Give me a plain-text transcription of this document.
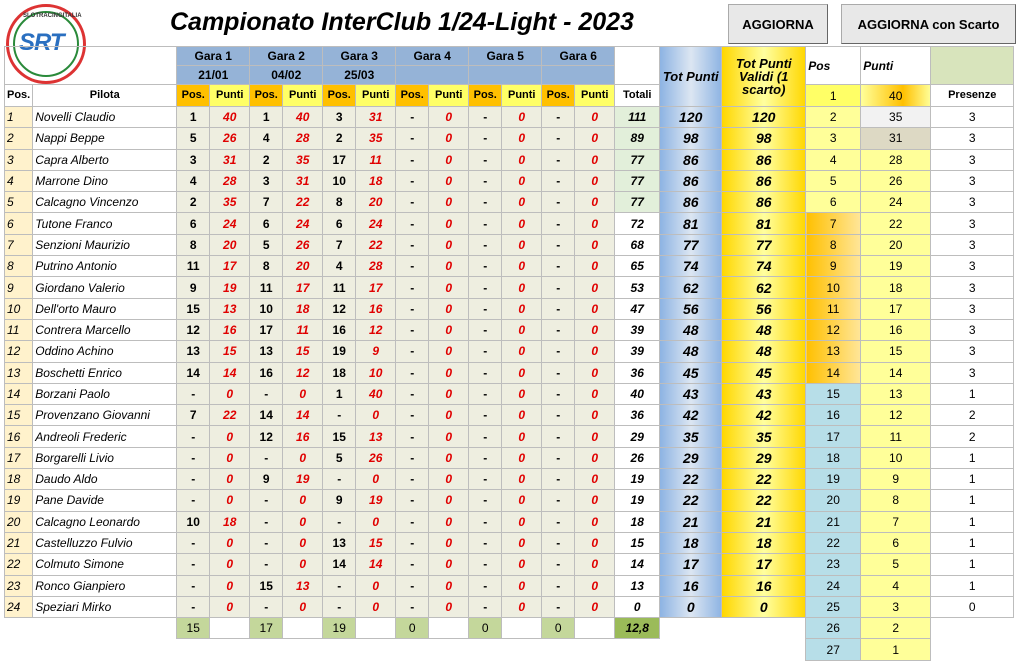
SLOTRACINGITALIA
SRT
Campionato InterClub 1/24-Light - 2023	AGGIORNA	AGGIORNA con Scarto
		Gara 1		Gara 2		Gara 3		Gara 4		Gara 5		Gara 6			Tot Punti	Tot Punti Validi (1 scarto)	Pos	Punti	
		21/01		04/02		25/03													
Pos.	Pilota	Pos.	Punti	Pos.	Punti	Pos.	Punti	Pos.	Punti	Pos.	Punti	Pos.	Punti	Totali			1	40	Presenze
1	Novelli Claudio	1	40	1	40	3	31	-	0	-	0	-	0	111	120	120	2	35	3
2	Nappi Beppe	5	26	4	28	2	35	-	0	-	0	-	0	89	98	98	3	31	3
3	Capra Alberto	3	31	2	35	17	11	-	0	-	0	-	0	77	86	86	4	28	3
4	Marrone Dino	4	28	3	31	10	18	-	0	-	0	-	0	77	86	86	5	26	3
5	Calcagno Vincenzo	2	35	7	22	8	20	-	0	-	0	-	0	77	86	86	6	24	3
6	Tutone Franco	6	24	6	24	6	24	-	0	-	0	-	0	72	81	81	7	22	3
7	Senzioni Maurizio	8	20	5	26	7	22	-	0	-	0	-	0	68	77	77	8	20	3
8	Putrino Antonio	11	17	8	20	4	28	-	0	-	0	-	0	65	74	74	9	19	3
9	Giordano Valerio	9	19	11	17	11	17	-	0	-	0	-	0	53	62	62	10	18	3
10	Dell'orto Mauro	15	13	10	18	12	16	-	0	-	0	-	0	47	56	56	11	17	3
11	Contrera Marcello	12	16	17	11	16	12	-	0	-	0	-	0	39	48	48	12	16	3
12	Oddino Achino	13	15	13	15	19	9	-	0	-	0	-	0	39	48	48	13	15	3
13	Boschetti Enrico	14	14	16	12	18	10	-	0	-	0	-	0	36	45	45	14	14	3
14	Borzani Paolo	-	0	-	0	1	40	-	0	-	0	-	0	40	43	43	15	13	1
15	Provenzano Giovanni	7	22	14	14	-	0	-	0	-	0	-	0	36	42	42	16	12	2
16	Andreoli Frederic	-	0	12	16	15	13	-	0	-	0	-	0	29	35	35	17	11	2
17	Borgarelli Livio	-	0	-	0	5	26	-	0	-	0	-	0	26	29	29	18	10	1
18	Daudo Aldo	-	0	9	19	-	0	-	0	-	0	-	0	19	22	22	19	9	1
19	Pane Davide	-	0	-	0	9	19	-	0	-	0	-	0	19	22	22	20	8	1
20	Calcagno Leonardo	10	18	-	0	-	0	-	0	-	0	-	0	18	21	21	21	7	1
21	Castelluzzo Fulvio	-	0	-	0	13	15	-	0	-	0	-	0	15	18	18	22	6	1
22	Colmuto Simone	-	0	-	0	14	14	-	0	-	0	-	0	14	17	17	23	5	1
23	Ronco Gianpiero	-	0	15	13	-	0	-	0	-	0	-	0	13	16	16	24	4	1
24	Speziari Mirko	-	0	-	0	-	0	-	0	-	0	-	0	0	0	0	25	3	0
		15		17		19		0		0		0		12,8			26	2	
																	27	1	
